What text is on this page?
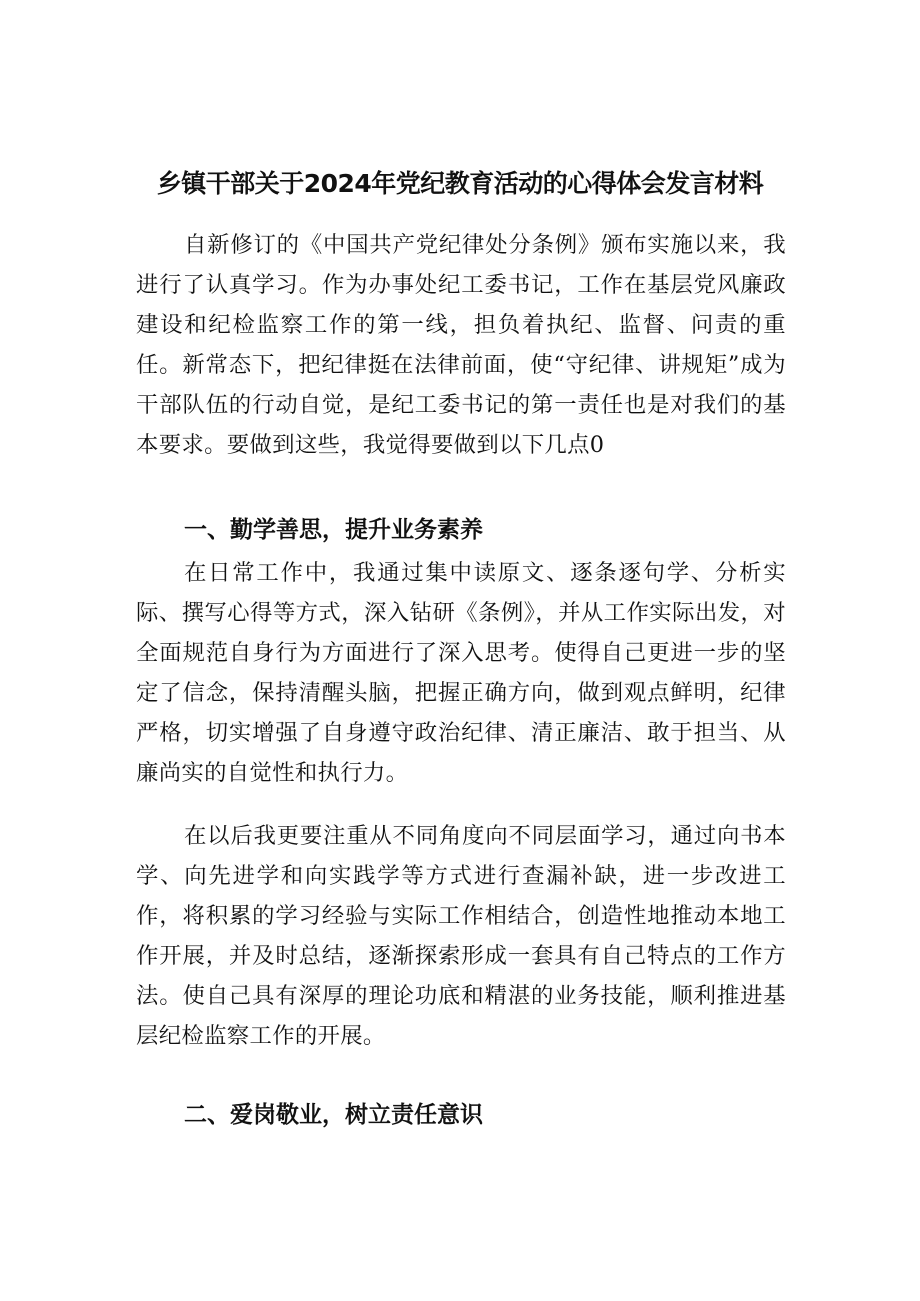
乡镇干部关于2024年党纪教育活动的心得体会发言材料

自新修订的《中国共产党纪律处分条例》颁布实施以来，我进行了认真学习。作为办事处纪工委书记，工作在基层党风廉政建设和纪检监察工作的第一线，担负着执纪、监督、问责的重任。新常态下，把纪律挺在法律前面，使“守纪律、讲规矩”成为干部队伍的行动自觉，是纪工委书记的第一责任也是对我们的基本要求。要做到这些，我觉得要做到以下几点0

一、勤学善思，提升业务素养

在日常工作中，我通过集中读原文、逐条逐句学、分析实际、撰写心得等方式，深入钻研《条例》，并从工作实际出发，对全面规范自身行为方面进行了深入思考。使得自己更进一步的坚定了信念，保持清醒头脑，把握正确方向，做到观点鲜明，纪律严格，切实增强了自身遵守政治纪律、清正廉洁、敢于担当、从廉尚实的自觉性和执行力。

在以后我更要注重从不同角度向不同层面学习，通过向书本学、向先进学和向实践学等方式进行查漏补缺，进一步改进工作，将积累的学习经验与实际工作相结合，创造性地推动本地工作开展，并及时总结，逐渐探索形成一套具有自己特点的工作方法。使自己具有深厚的理论功底和精湛的业务技能，顺利推进基层纪检监察工作的开展。

二、爱岗敬业，树立责任意识
